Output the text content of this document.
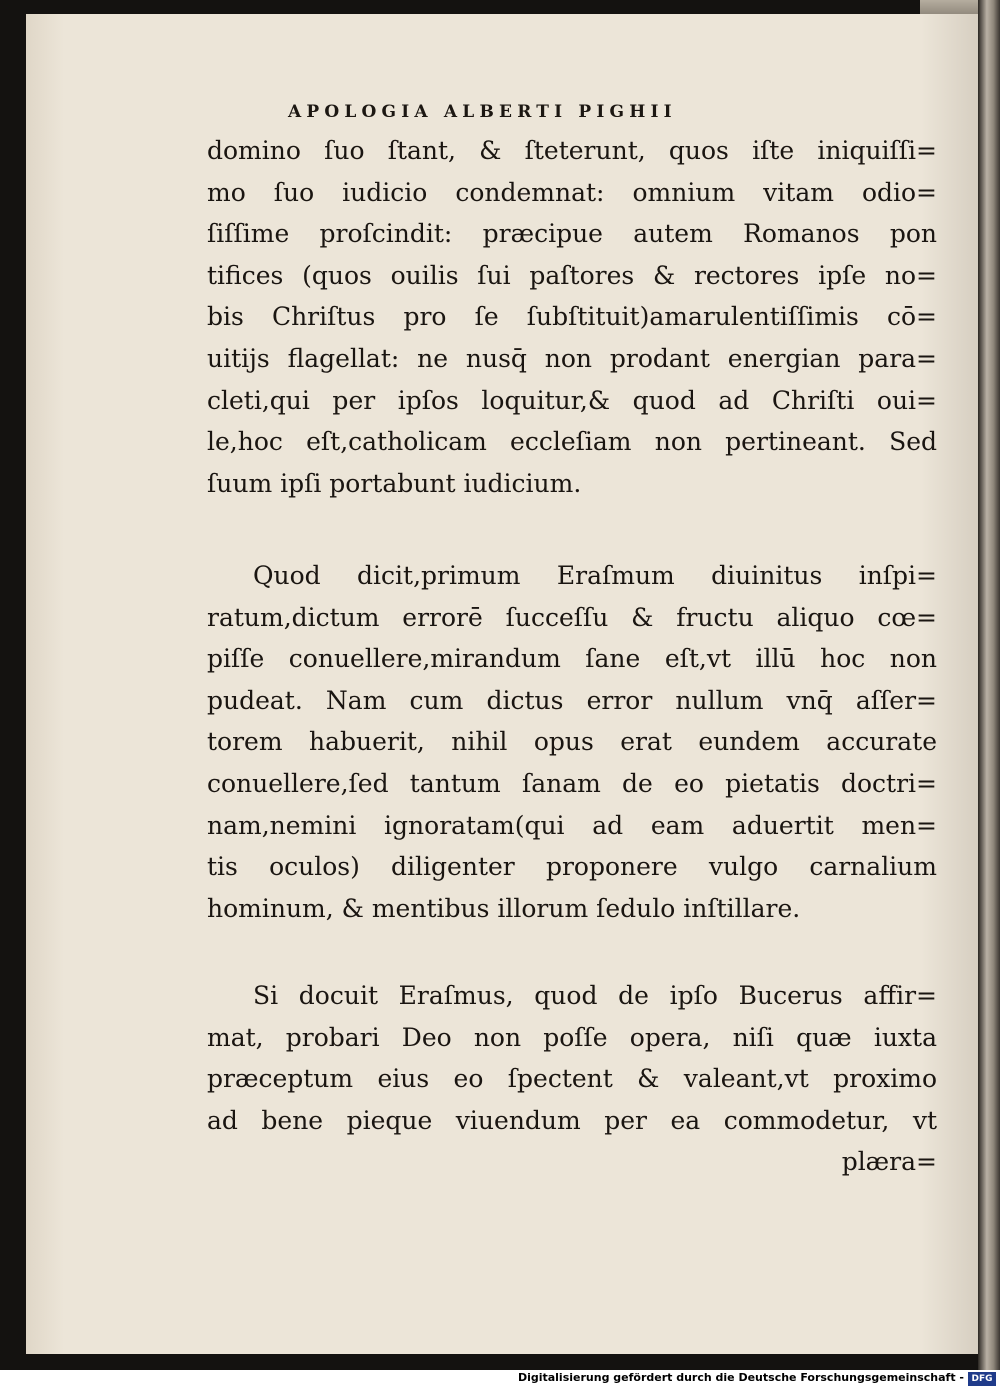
APOLOGIA ALBERTI PIGHII
domino ſuo ſtant, & ſteterunt, quos iſte iniquiſſi=
mo ſuo iudicio condemnat: omnium vitam odio=
ſiſſime proſcindit: præcipue autem Romanos pon
tifices (quos ouilis ſui paſtores & rectores ipſe no=
bis Chriſtus pro ſe ſubſtituit)amarulentiſſimis cō=
uitijs flagellat: ne nusq̄ non prodant energian para=
cleti,qui per ipſos loquitur,& quod ad Chriſti oui=
le,hoc eſt,catholicam eccleſiam non pertineant. Sed
ſuum ipſi portabunt iudicium.
Quod dicit,primum Eraſmum diuinitus inſpi=
ratum,dictum errorē ſucceſſu & fructu aliquo cœ=
piſſe conuellere,mirandum ſane eſt,vt illū hoc non
pudeat. Nam cum dictus error nullum vnq̄ aſſer=
torem habuerit, nihil opus erat eundem accurate
conuellere,ſed tantum ſanam de eo pietatis doctri=
nam,nemini ignoratam(qui ad eam aduertit men=
tis oculos) diligenter proponere vulgo carnalium
hominum, & mentibus illorum ſedulo inſtillare.
Si docuit Eraſmus, quod de ipſo Bucerus affir=
mat, probari Deo non poſſe opera, niſi quæ iuxta
præceptum eius eo ſpectent & valeant,vt proximo
ad bene pieque viuendum per ea commodetur, vt
plæra=
Digitalisierung gefördert durch die Deutsche Forschungsgemeinschaft - DFG
